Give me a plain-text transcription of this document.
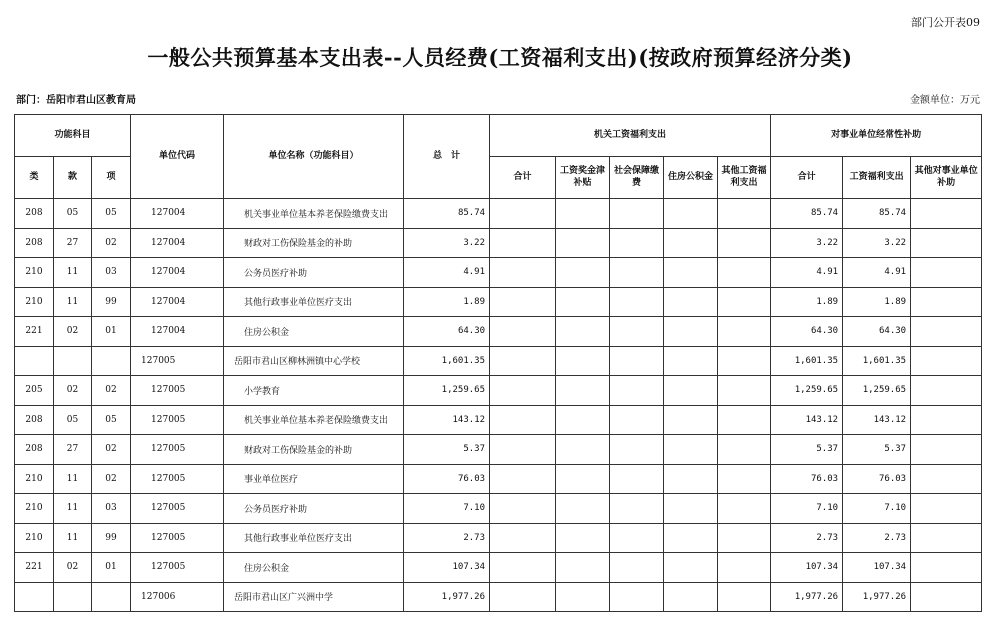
部门公开表09
一般公共预算基本支出表--人员经费(工资福利支出)(按政府预算经济分类)
部门：岳阳市君山区教育局	金额单位：万元
功能科目			单位代码	单位名称（功能科目）	总　计	机关工资福利支出					对事业单位经常性补助		
类	款	项				合计	工资奖金津补贴	社会保障缴费	住房公积金	其他工资福利支出	合计	工资福利支出	其他对事业单位补助
208	05	05	127004	机关事业单位基本养老保险缴费支出	85.74						85.74	85.74	
208	27	02	127004	财政对工伤保险基金的补助	3.22						3.22	3.22	
210	11	03	127004	公务员医疗补助	4.91						4.91	4.91	
210	11	99	127004	其他行政事业单位医疗支出	1.89						1.89	1.89	
221	02	01	127004	住房公积金	64.30						64.30	64.30	
			127005	岳阳市君山区柳林洲镇中心学校	1,601.35						1,601.35	1,601.35	
205	02	02	127005	小学教育	1,259.65						1,259.65	1,259.65	
208	05	05	127005	机关事业单位基本养老保险缴费支出	143.12						143.12	143.12	
208	27	02	127005	财政对工伤保险基金的补助	5.37						5.37	5.37	
210	11	02	127005	事业单位医疗	76.03						76.03	76.03	
210	11	03	127005	公务员医疗补助	7.10						7.10	7.10	
210	11	99	127005	其他行政事业单位医疗支出	2.73						2.73	2.73	
221	02	01	127005	住房公积金	107.34						107.34	107.34	
			127006	岳阳市君山区广兴洲中学	1,977.26						1,977.26	1,977.26	
